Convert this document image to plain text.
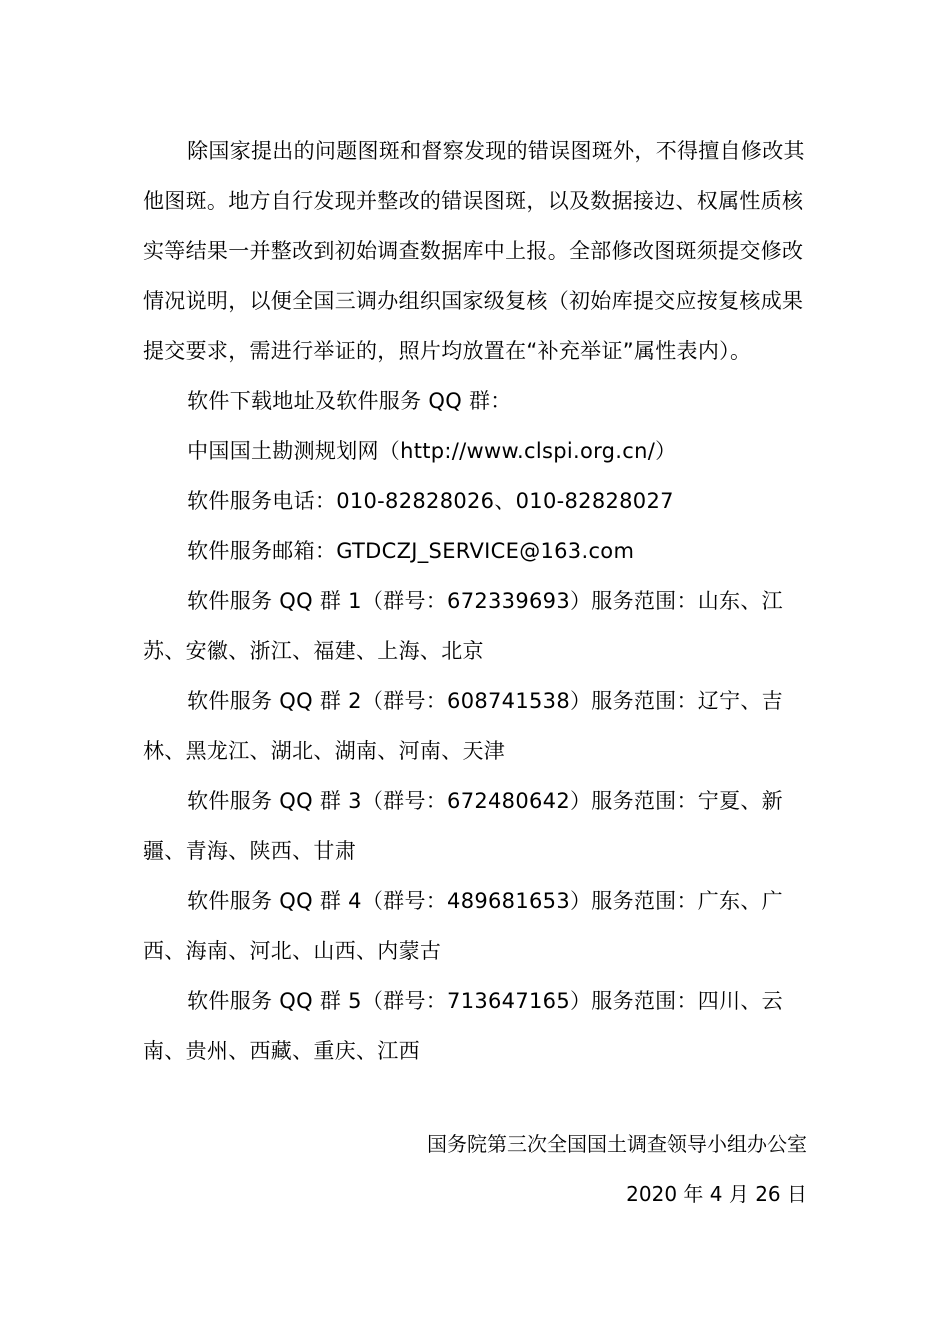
除国家提出的问题图斑和督察发现的错误图斑外，不得擅自修改其他图斑。地方自行发现并整改的错误图斑，以及数据接边、权属性质核实等结果一并整改到初始调查数据库中上报。全部修改图斑须提交修改情况说明，以便全国三调办组织国家级复核（初始库提交应按复核成果提交要求，需进行举证的，照片均放置在“补充举证”属性表内）。

软件下载地址及软件服务 QQ 群：

中国国土勘测规划网（http://www.clspi.org.cn/）

软件服务电话：010-82828026、010-82828027

软件服务邮箱：GTDCZJ_SERVICE@163.com

软件服务 QQ 群 1（群号：672339693）服务范围：山东、江苏、安徽、浙江、福建、上海、北京

软件服务 QQ 群 2（群号：608741538）服务范围：辽宁、吉林、黑龙江、湖北、湖南、河南、天津

软件服务 QQ 群 3（群号：672480642）服务范围：宁夏、新疆、青海、陕西、甘肃

软件服务 QQ 群 4（群号：489681653）服务范围：广东、广西、海南、河北、山西、内蒙古

软件服务 QQ 群 5（群号：713647165）服务范围：四川、云南、贵州、西藏、重庆、江西

国务院第三次全国国土调查领导小组办公室
2020 年 4 月 26 日
